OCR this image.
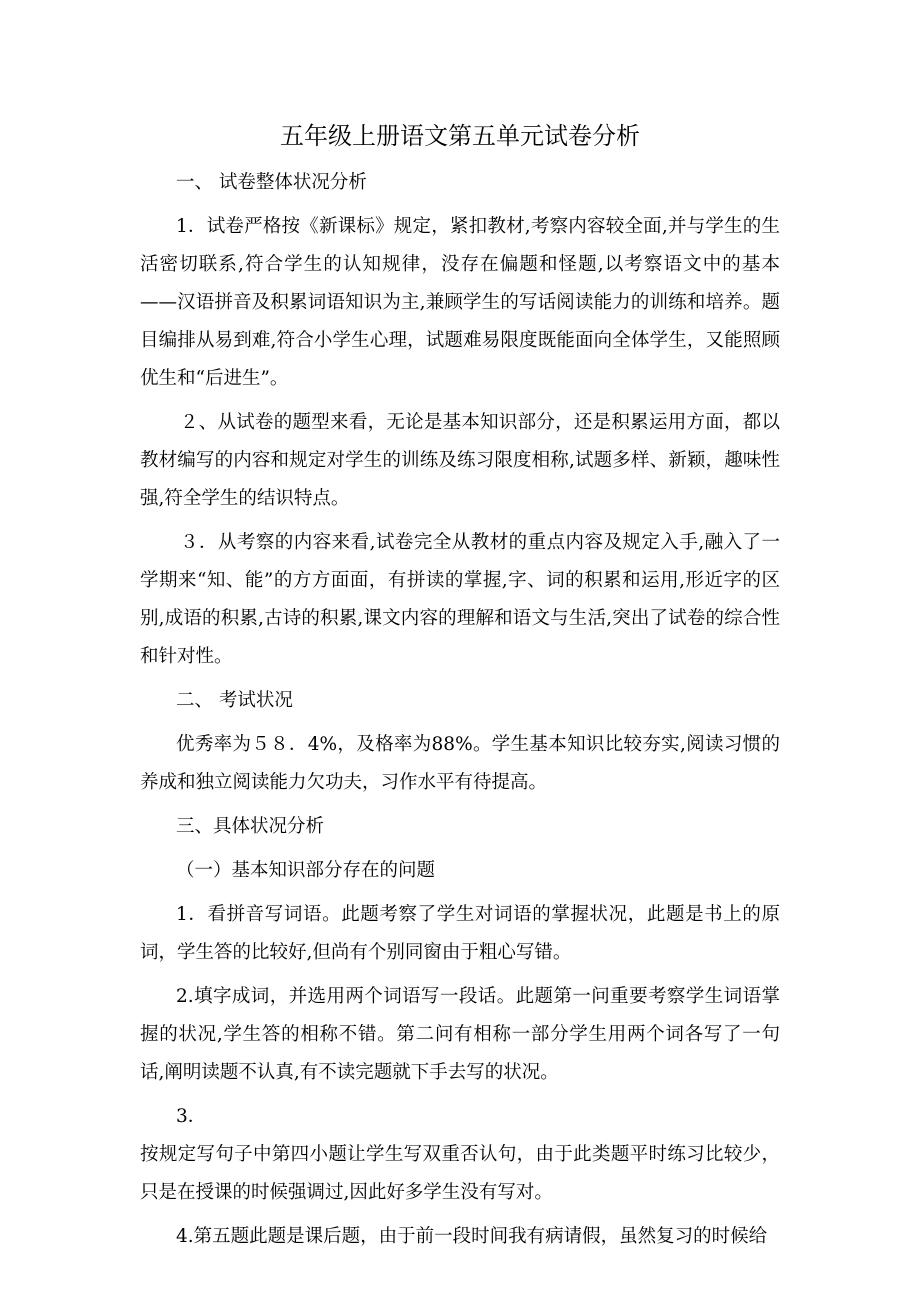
五年级上册语文第五单元试卷分析

一、 试卷整体状况分析

1．试卷严格按《新课标》规定，紧扣教材,考察内容较全面,并与学生的生活密切联系,符合学生的认知规律，没存在偏题和怪题,以考察语文中的基本——汉语拼音及积累词语知识为主,兼顾学生的写话阅读能力的训练和培养。题目编排从易到难,符合小学生心理，试题难易限度既能面向全体学生，又能照顾优生和“后进生”。

２、从试卷的题型来看，无论是基本知识部分，还是积累运用方面，都以教材编写的内容和规定对学生的训练及练习限度相称,试题多样、新颖，趣味性强,符全学生的结识特点。

３．从考察的内容来看,试卷完全从教材的重点内容及规定入手,融入了一学期来“知、能”的方方面面，有拼读的掌握,字、词的积累和运用,形近字的区别,成语的积累,古诗的积累,课文内容的理解和语文与生活,突出了试卷的综合性和针对性。

二、 考试状况

优秀率为５８．4%，及格率为88%。学生基本知识比较夯实,阅读习惯的养成和独立阅读能力欠功夫，习作水平有待提高。

三、具体状况分析

（一）基本知识部分存在的问题

1．看拼音写词语。此题考察了学生对词语的掌握状况，此题是书上的原词，学生答的比较好,但尚有个别同窗由于粗心写错。

2.填字成词，并选用两个词语写一段话。此题第一问重要考察学生词语掌握的状况,学生答的相称不错。第二问有相称一部分学生用两个词各写了一句话,阐明读题不认真,有不读完题就下手去写的状况。

3．

按规定写句子中第四小题让学生写双重否认句，由于此类题平时练习比较少，只是在授课的时候强调过,因此好多学生没有写对。

4.第五题此题是课后题，由于前一段时间我有病请假，虽然复习的时候给
